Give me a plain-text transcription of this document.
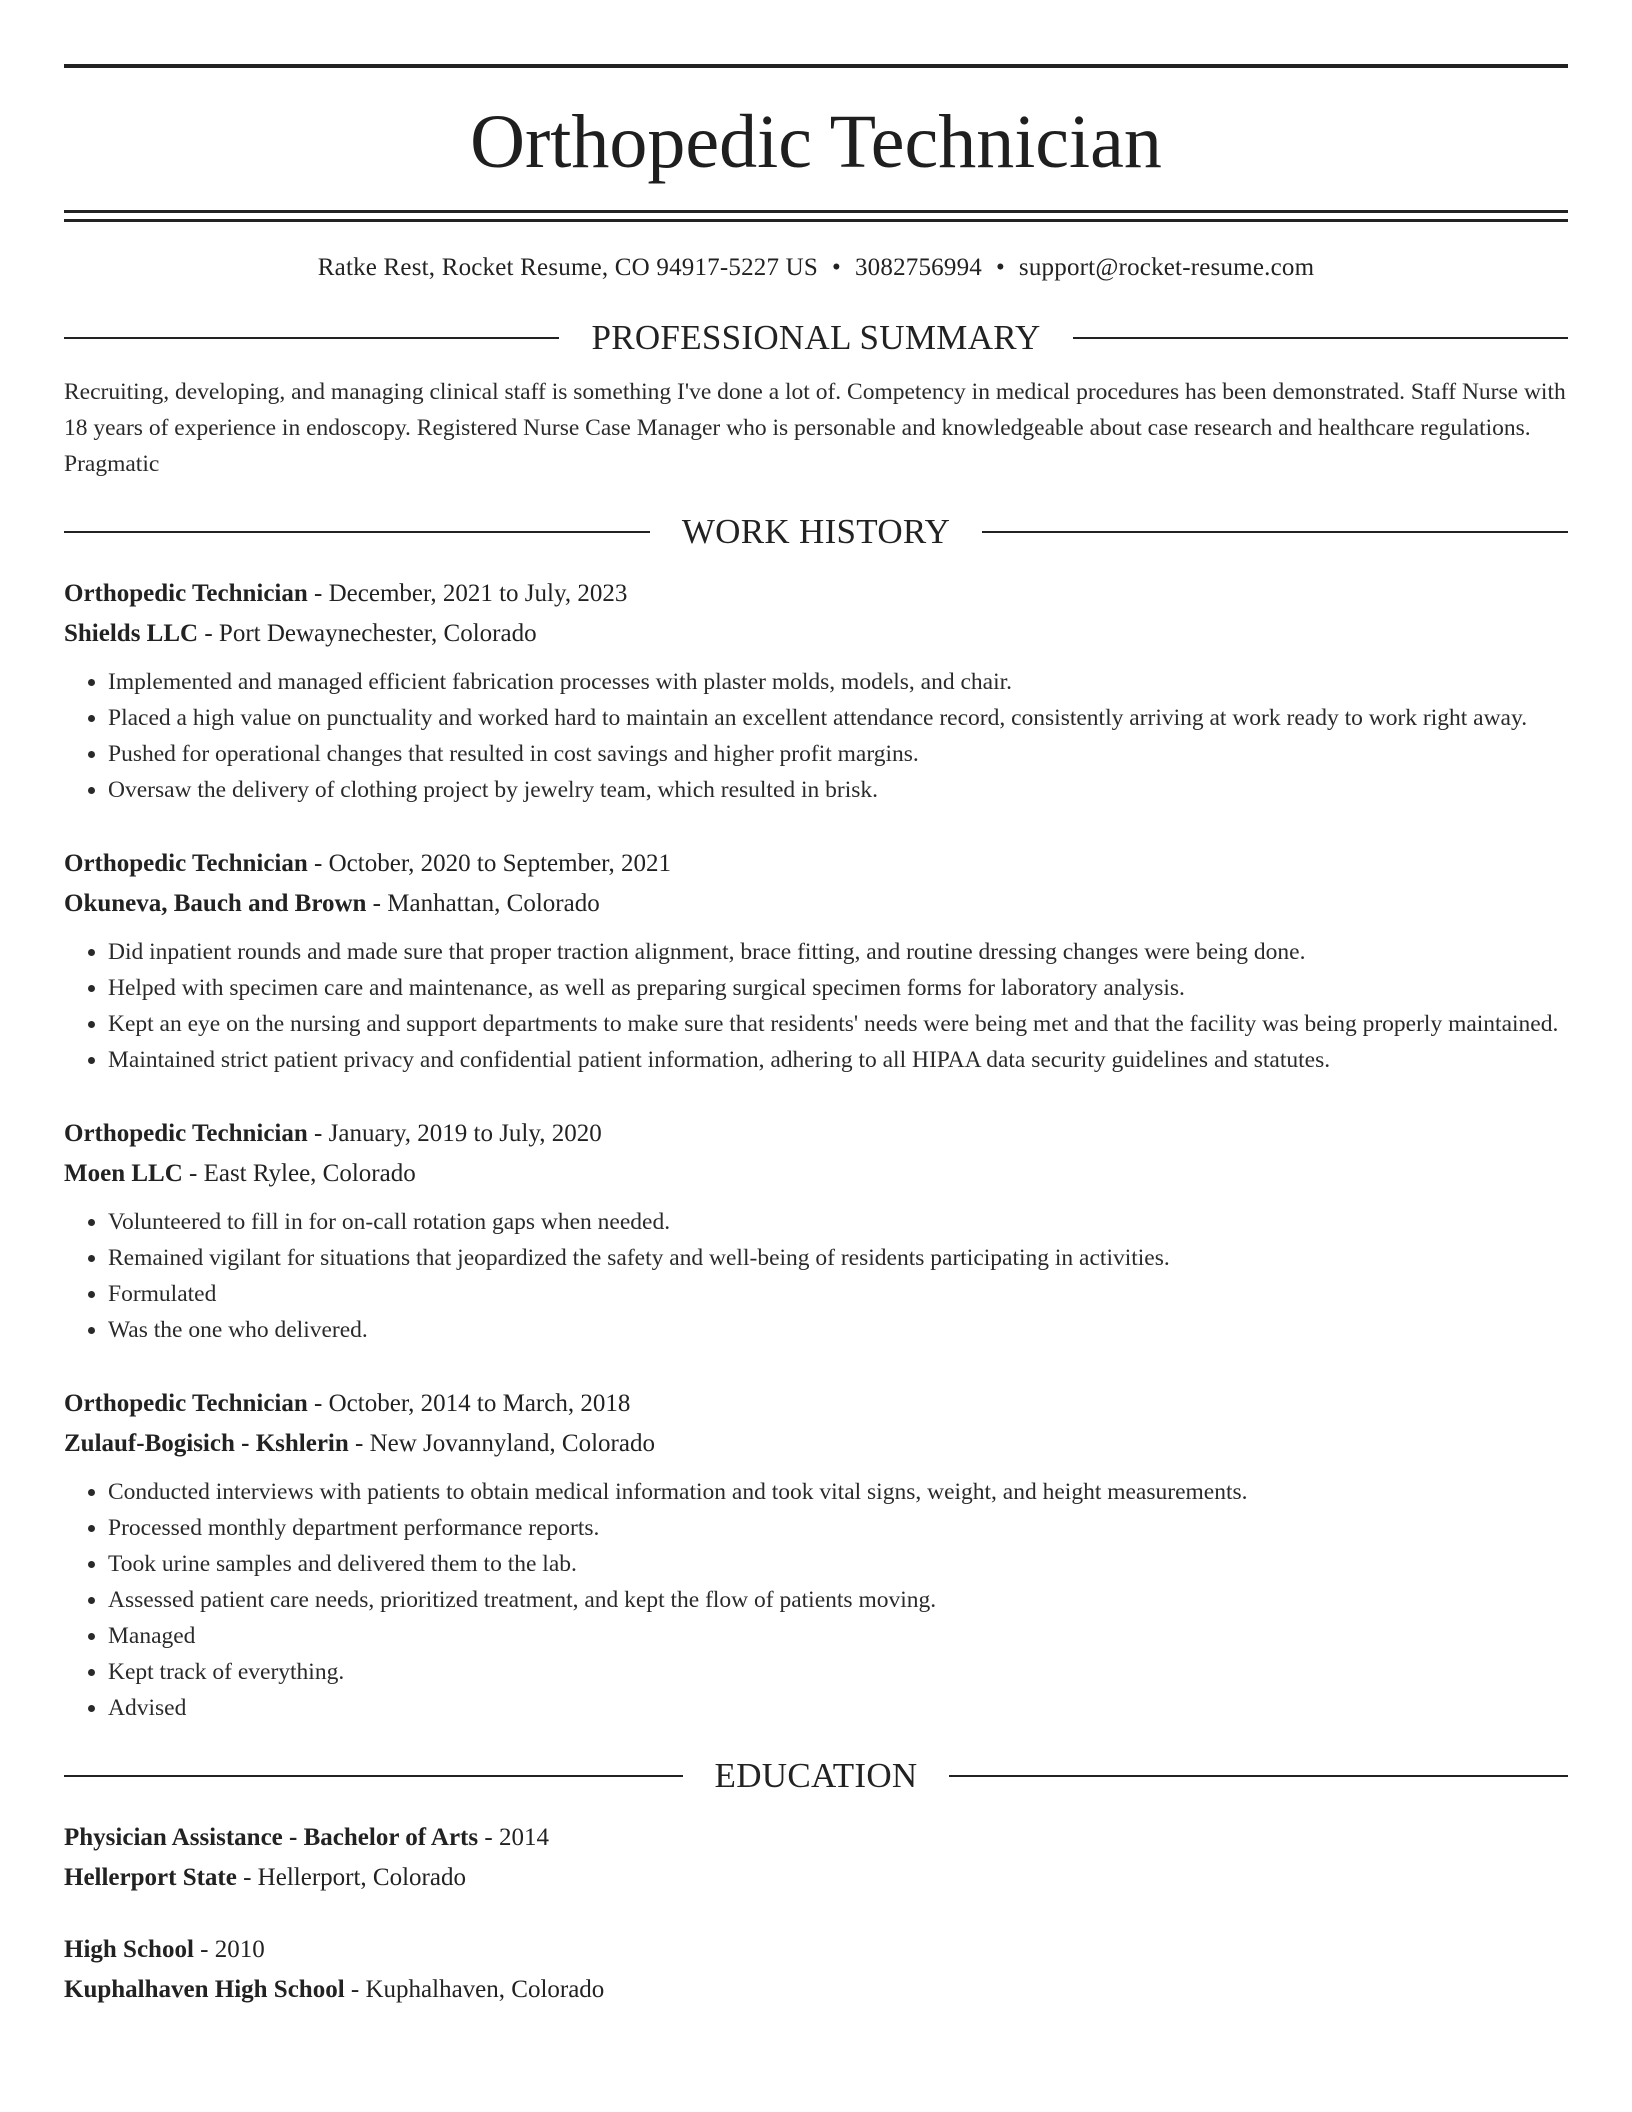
Orthopedic Technician
Ratke Rest, Rocket Resume, CO 94917-5227 US • 3082756994 • support@rocket-resume.com
PROFESSIONAL SUMMARY
Recruiting, developing, and managing clinical staff is something I've done a lot of. Competency in medical procedures has been demonstrated. Staff Nurse with 18 years of experience in endoscopy. Registered Nurse Case Manager who is personable and knowledgeable about case research and healthcare regulations. Pragmatic
WORK HISTORY
Orthopedic Technician - December, 2021 to July, 2023
Shields LLC - Port Dewaynechester, Colorado
• Implemented and managed efficient fabrication processes with plaster molds, models, and chair.
• Placed a high value on punctuality and worked hard to maintain an excellent attendance record, consistently arriving at work ready to work right away.
• Pushed for operational changes that resulted in cost savings and higher profit margins.
• Oversaw the delivery of clothing project by jewelry team, which resulted in brisk.
Orthopedic Technician - October, 2020 to September, 2021
Okuneva, Bauch and Brown - Manhattan, Colorado
• Did inpatient rounds and made sure that proper traction alignment, brace fitting, and routine dressing changes were being done.
• Helped with specimen care and maintenance, as well as preparing surgical specimen forms for laboratory analysis.
• Kept an eye on the nursing and support departments to make sure that residents' needs were being met and that the facility was being properly maintained.
• Maintained strict patient privacy and confidential patient information, adhering to all HIPAA data security guidelines and statutes.
Orthopedic Technician - January, 2019 to July, 2020
Moen LLC - East Rylee, Colorado
• Volunteered to fill in for on-call rotation gaps when needed.
• Remained vigilant for situations that jeopardized the safety and well-being of residents participating in activities.
• Formulated
• Was the one who delivered.
Orthopedic Technician - October, 2014 to March, 2018
Zulauf-Bogisich - Kshlerin - New Jovannyland, Colorado
• Conducted interviews with patients to obtain medical information and took vital signs, weight, and height measurements.
• Processed monthly department performance reports.
• Took urine samples and delivered them to the lab.
• Assessed patient care needs, prioritized treatment, and kept the flow of patients moving.
• Managed
• Kept track of everything.
• Advised
EDUCATION
Physician Assistance - Bachelor of Arts - 2014
Hellerport State - Hellerport, Colorado
High School - 2010
Kuphalhaven High School - Kuphalhaven, Colorado
